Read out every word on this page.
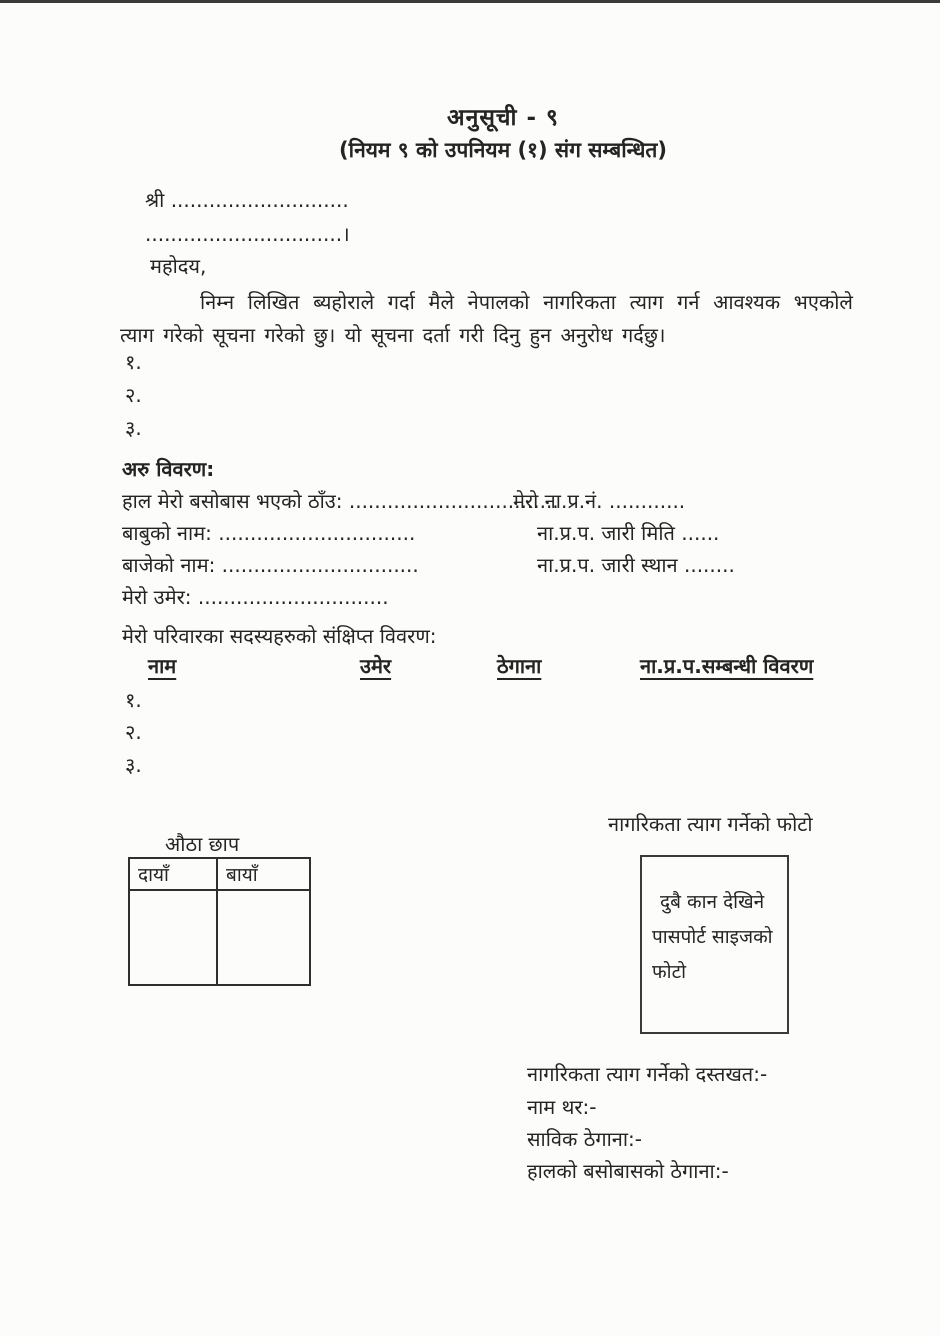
अनुसूची - ९
(नियम ९ को उपनियम (१) संग सम्बन्धित)
श्री ............................
...............................।
महोदय,
निम्न लिखित ब्यहोराले गर्दा मैले नेपालको नागरिकता त्याग गर्न आवश्यक भएकोले त्याग गरेको सूचना गरेको छु। यो सूचना दर्ता गरी दिनु हुन अनुरोध गर्दछु।
१.
२.
३.
अरु विवरण:
हाल मेरो बसोबास भएको ठाँउ: .................................
मेरो ना.प्र.नं. ............
बाबुको नाम: ...............................	ना.प्र.प. जारी मिति ......
बाजेको नाम: ...............................	ना.प्र.प. जारी स्थान ........
मेरो उमेर: ..............................
मेरो परिवारका सदस्यहरुको संक्षिप्त विवरण:
नाम	उमेर	ठेगाना	ना.प्र.प.सम्बन्धी विवरण
१.
२.
३.
औठा छाप
दायाँ	बायाँ
नागरिकता त्याग गर्नेको फोटो
दुबै कान देखिने पासपोर्ट साइजको फोटो
नागरिकता त्याग गर्नेको दस्तखत:-
नाम थर:-
साविक ठेगाना:-
हालको बसोबासको ठेगाना:-
